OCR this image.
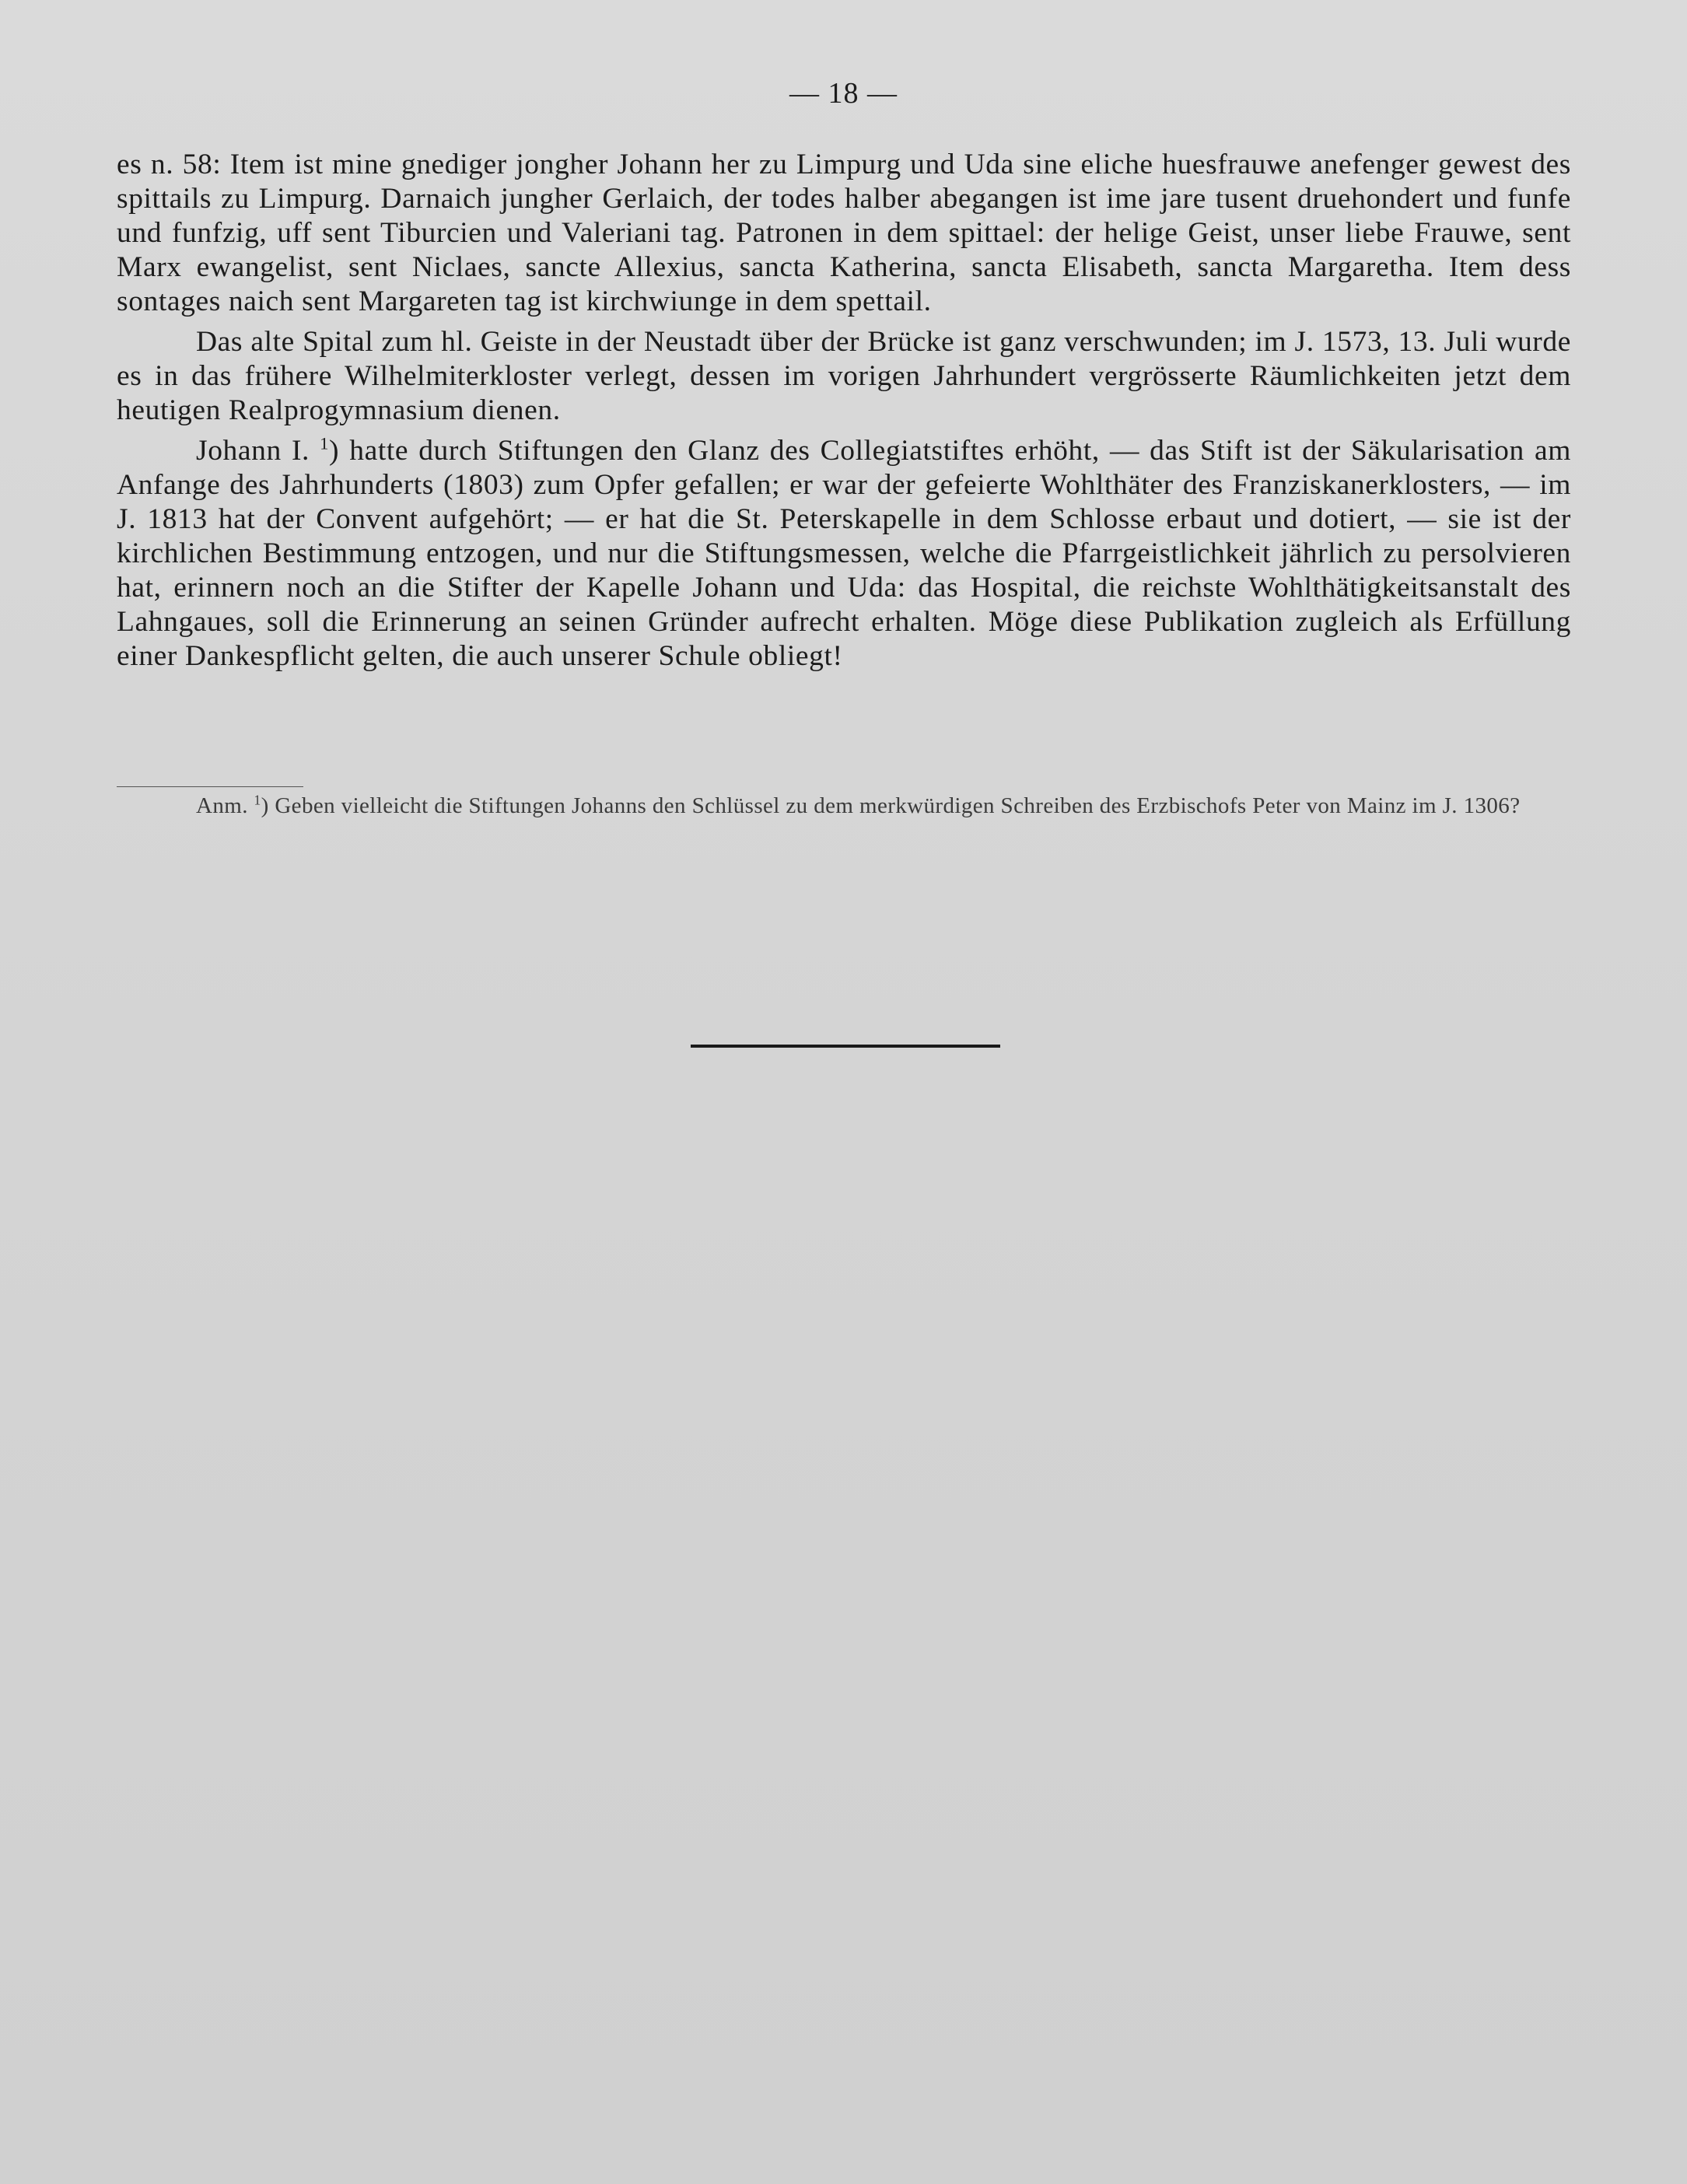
— 18 —

es n. 58: Item ist mine gnediger jongher Johann her zu Limpurg und Uda sine eliche huesfrauwe anefenger gewest des spittails zu Limpurg. Darnaich jungher Gerlaich, der todes halber abegangen ist ime jare tusent druehondert und funfe und funfzig, uff sent Tiburcien und Valeriani tag. Patronen in dem spittael: der helige Geist, unser liebe Frauwe, sent Marx ewangelist, sent Niclaes, sancte Allexius, sancta Katherina, sancta Elisabeth, sancta Margaretha. Item dess sontages naich sent Margareten tag ist kirchwiunge in dem spettail.

Das alte Spital zum hl. Geiste in der Neustadt über der Brücke ist ganz verschwunden; im J. 1573, 13. Juli wurde es in das frühere Wilhelmiterkloster verlegt, dessen im vorigen Jahrhundert vergrösserte Räumlichkeiten jetzt dem heutigen Realprogymnasium dienen.

Johann I. $^1$) hatte durch Stiftungen den Glanz des Collegiatstiftes erhöht, — das Stift ist der Säkularisation am Anfange des Jahrhunderts (1803) zum Opfer gefallen; er war der gefeierte Wohlthäter des Franziskanerklosters, — im J. 1813 hat der Convent aufgehört; — er hat die St. Peterskapelle in dem Schlosse erbaut und dotiert, — sie ist der kirchlichen Bestimmung entzogen, und nur die Stiftungsmessen, welche die Pfarrgeistlichkeit jährlich zu persolvieren hat, erinnern noch an die Stifter der Kapelle Johann und Uda: das Hospital, die reichste Wohlthätigkeitsanstalt des Lahngaues, soll die Erinnerung an seinen Gründer aufrecht erhalten. Möge diese Publikation zugleich als Erfüllung einer Dankespflicht gelten, die auch unserer Schule obliegt!

Anm. $^1$) Geben vielleicht die Stiftungen Johanns den Schlüssel zu dem merkwürdigen Schreiben des Erzbischofs Peter von Mainz im J. 1306?
